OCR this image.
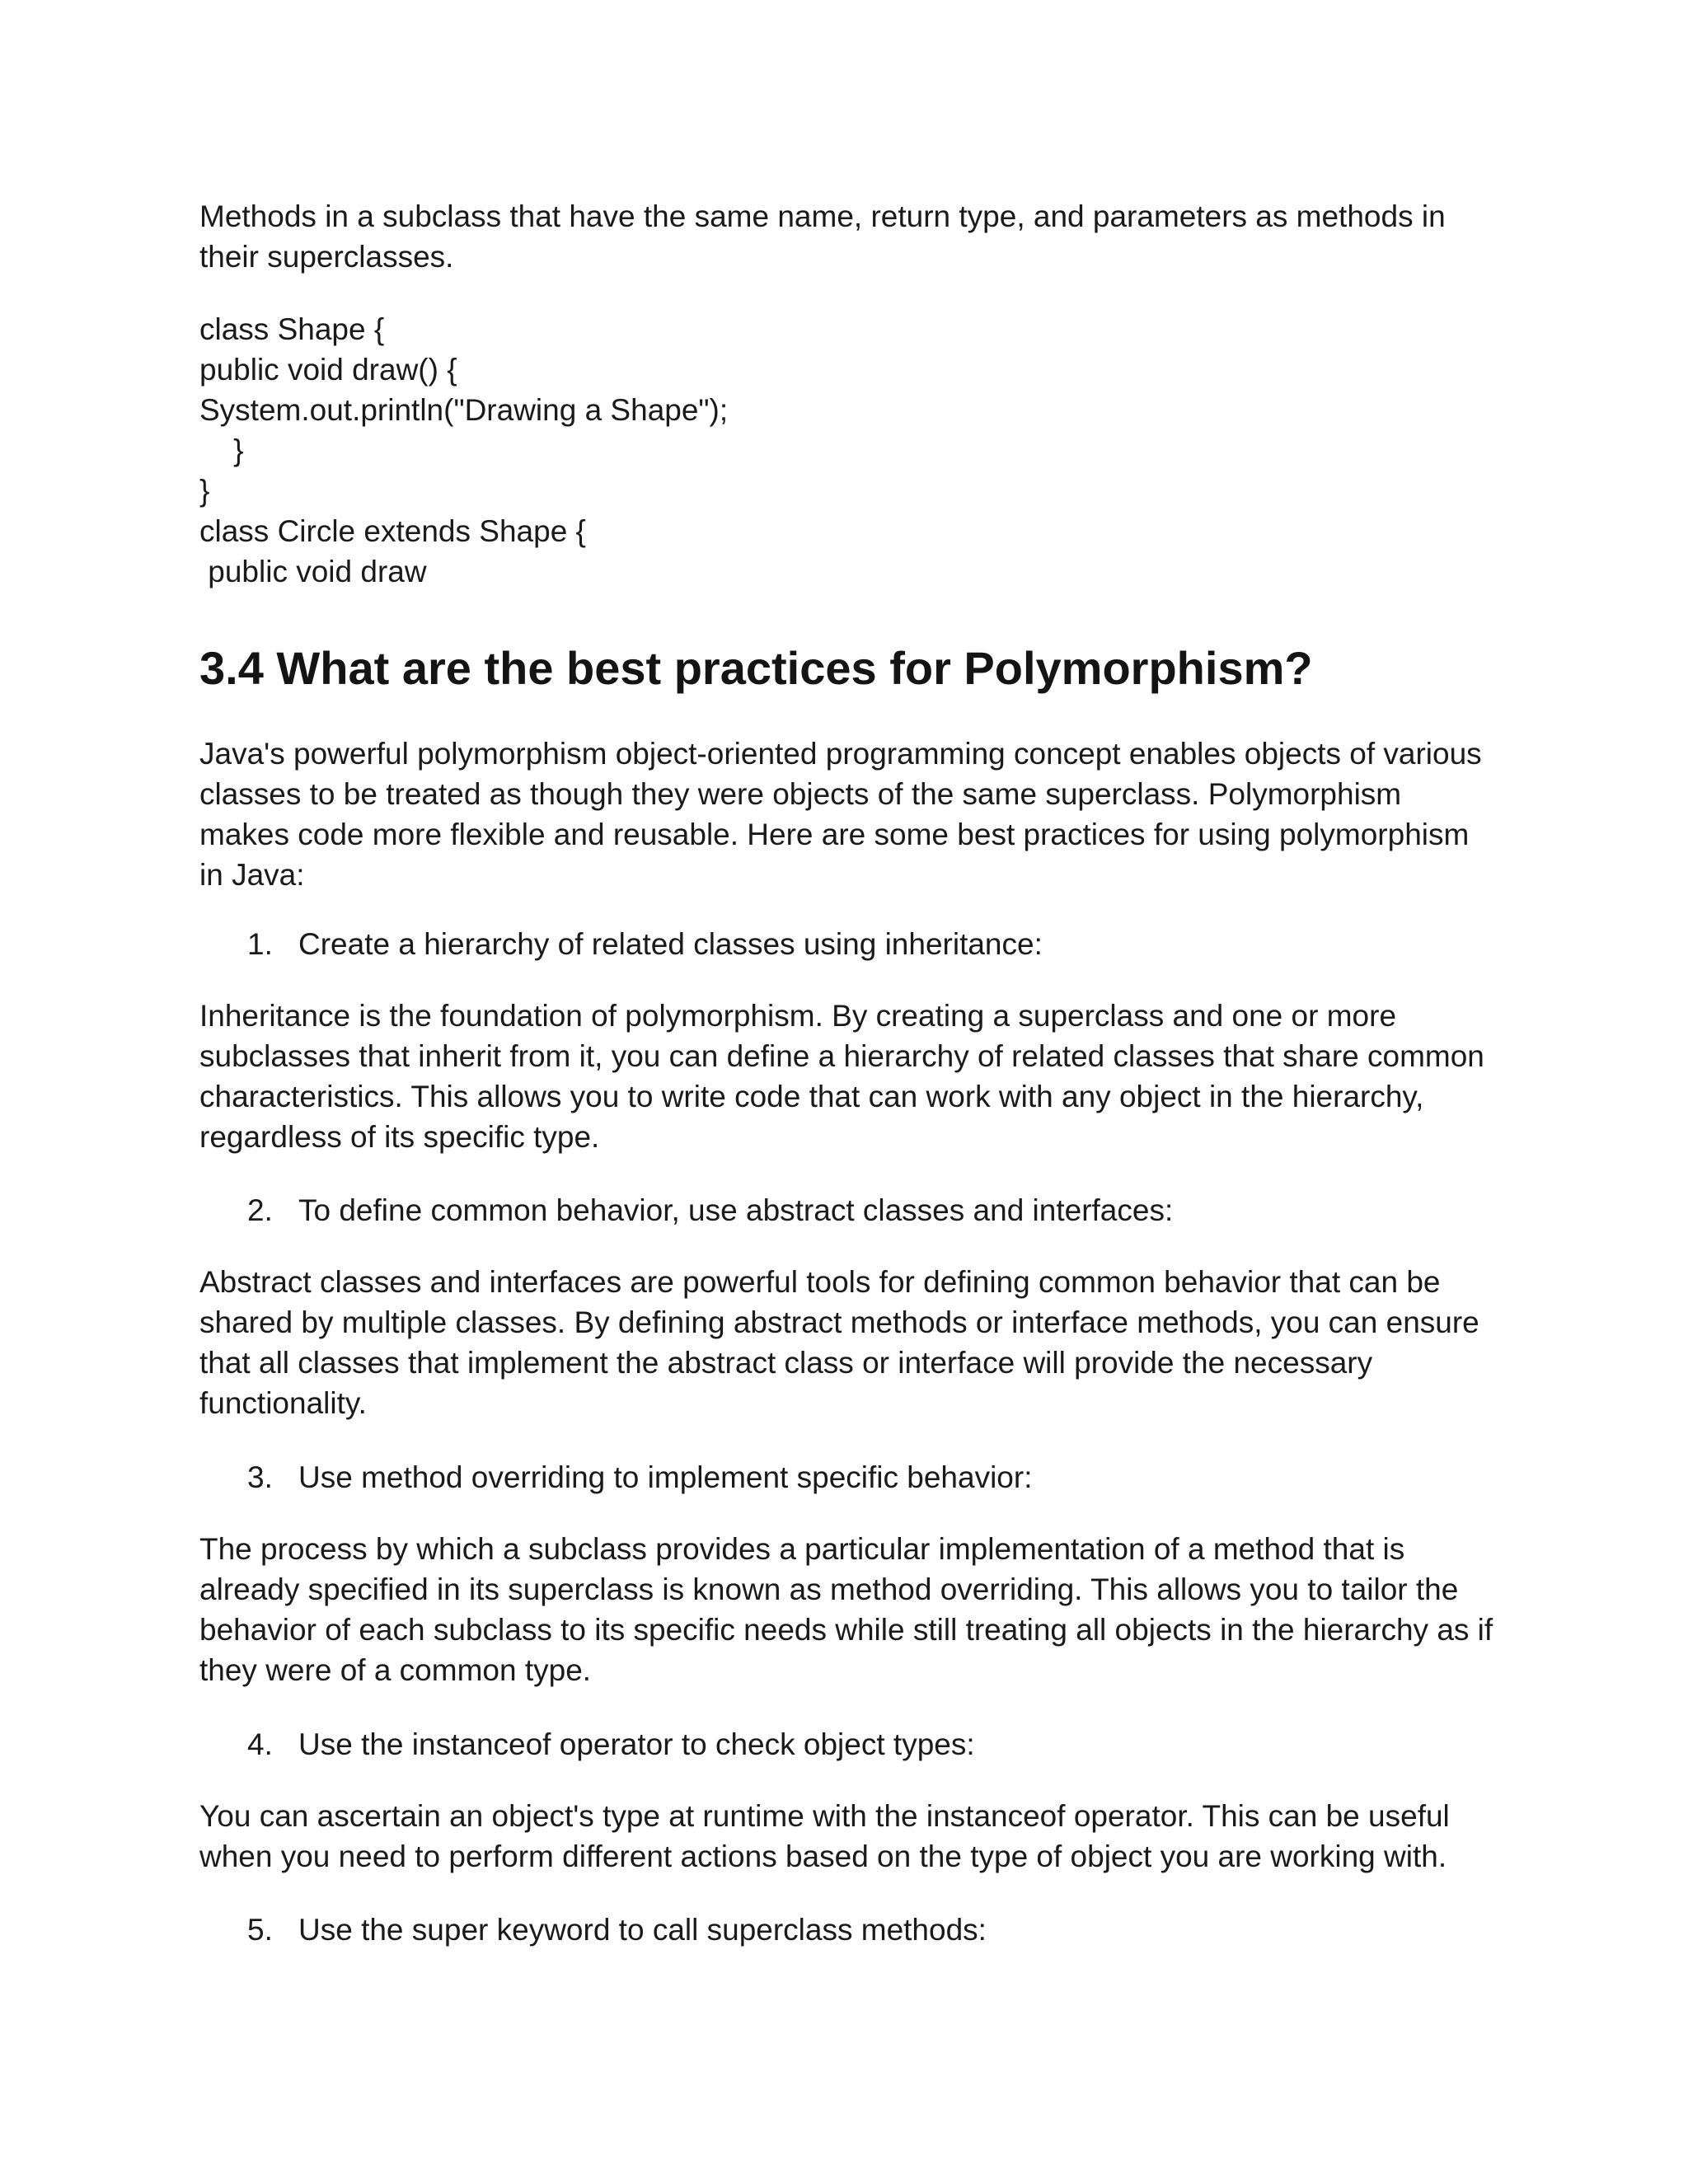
Methods in a subclass that have the same name, return type, and parameters as methods in
their superclasses.

class Shape {
public void draw() {
System.out.println("Drawing a Shape");
}
}
class Circle extends Shape {
public void draw
3.4 What are the best practices for Polymorphism?

Java's powerful polymorphism object-oriented programming concept enables objects of various
classes to be treated as though they were objects of the same superclass. Polymorphism
makes code more flexible and reusable. Here are some best practices for using polymorphism
in Java:

1. Create a hierarchy of related classes using inheritance:

Inheritance is the foundation of polymorphism. By creating a superclass and one or more
subclasses that inherit from it, you can define a hierarchy of related classes that share common
characteristics. This allows you to write code that can work with any object in the hierarchy,
regardless of its specific type.

2. To define common behavior, use abstract classes and interfaces:

Abstract classes and interfaces are powerful tools for defining common behavior that can be
shared by multiple classes. By defining abstract methods or interface methods, you can ensure
that all classes that implement the abstract class or interface will provide the necessary
functionality.

3. Use method overriding to implement specific behavior:

The process by which a subclass provides a particular implementation of a method that is
already specified in its superclass is known as method overriding. This allows you to tailor the
behavior of each subclass to its specific needs while still treating all objects in the hierarchy as if
they were of a common type.

4. Use the instanceof operator to check object types:

You can ascertain an object's type at runtime with the instanceof operator. This can be useful
when you need to perform different actions based on the type of object you are working with.

5. Use the super keyword to call superclass methods:
